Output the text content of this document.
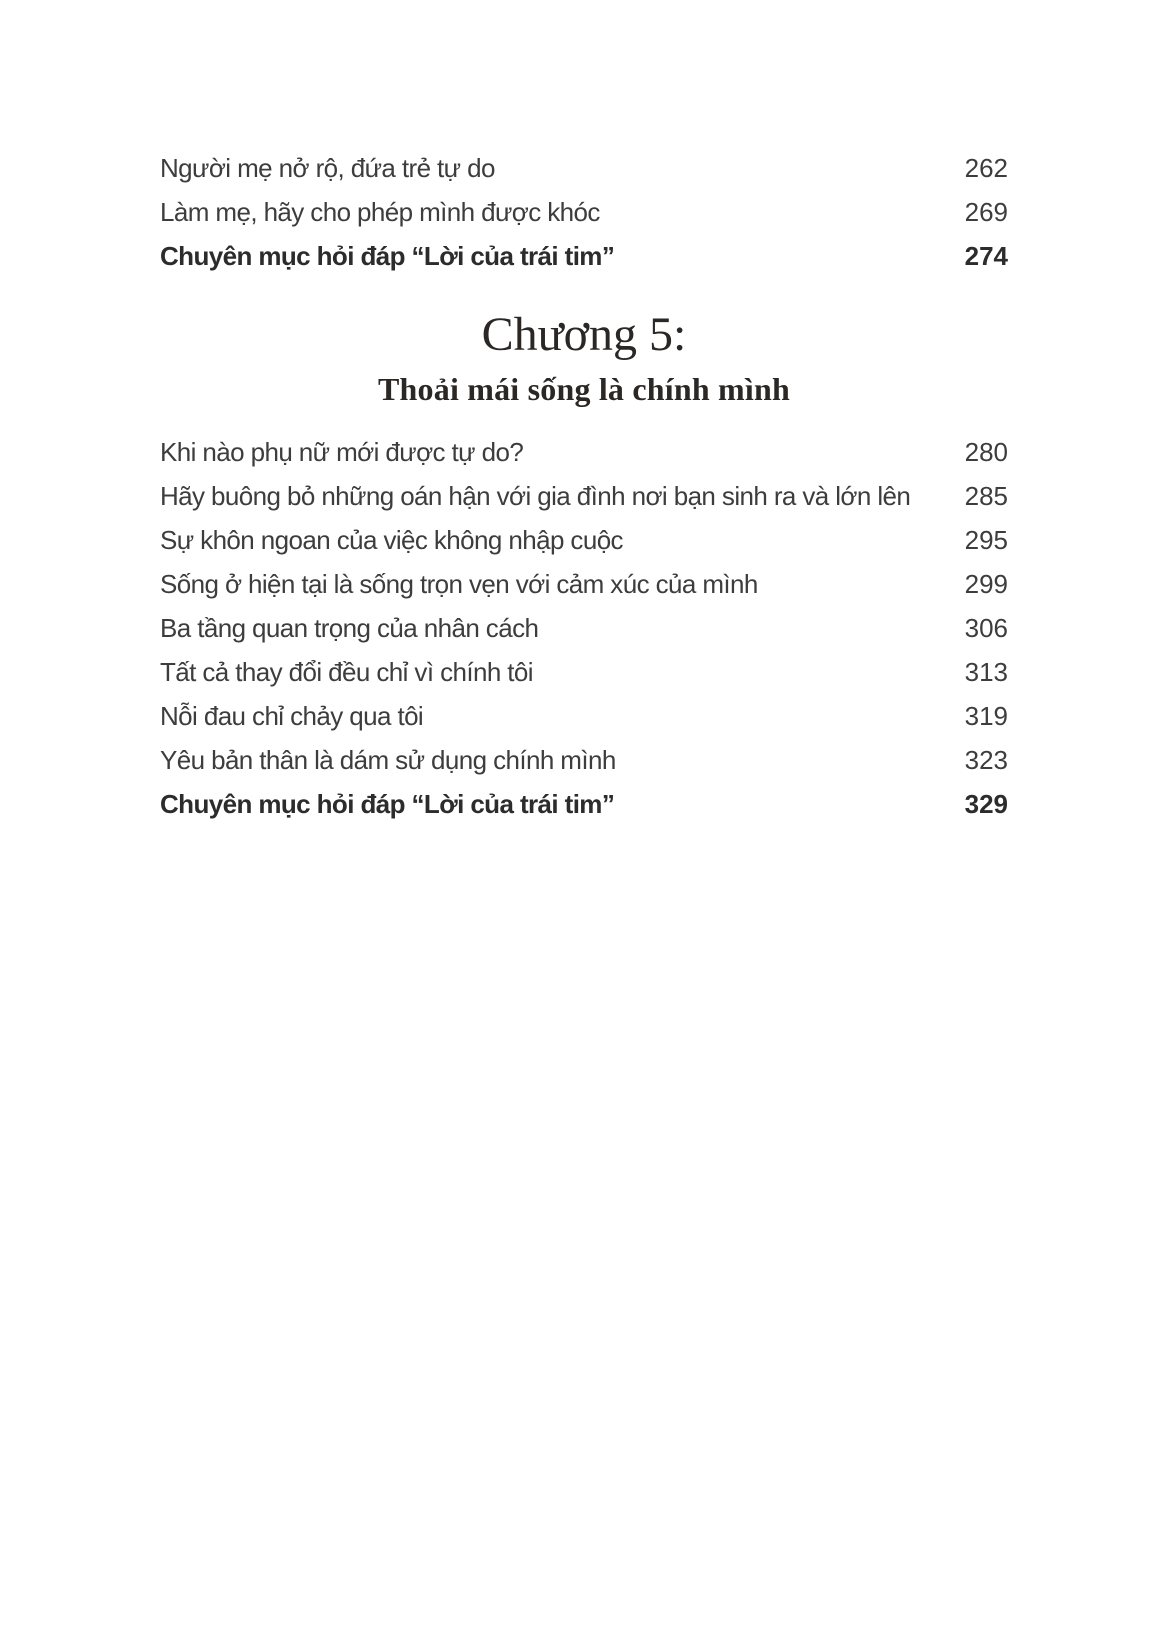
Người mẹ nở rộ, đứa trẻ tự do	262
Làm mẹ, hãy cho phép mình được khóc	269
Chuyên mục hỏi đáp “Lời của trái tim”	274
Chương 5:
Thoải mái sống là chính mình
Khi nào phụ nữ mới được tự do?	280
Hãy buông bỏ những oán hận với gia đình nơi bạn sinh ra và lớn lên 285
Sự khôn ngoan của việc không nhập cuộc	295
Sống ở hiện tại là sống trọn vẹn với cảm xúc của mình	299
Ba tầng quan trọng của nhân cách	306
Tất cả thay đổi đều chỉ vì chính tôi	313
Nỗi đau chỉ chảy qua tôi	319
Yêu bản thân là dám sử dụng chính mình	323
Chuyên mục hỏi đáp “Lời của trái tim”	329
